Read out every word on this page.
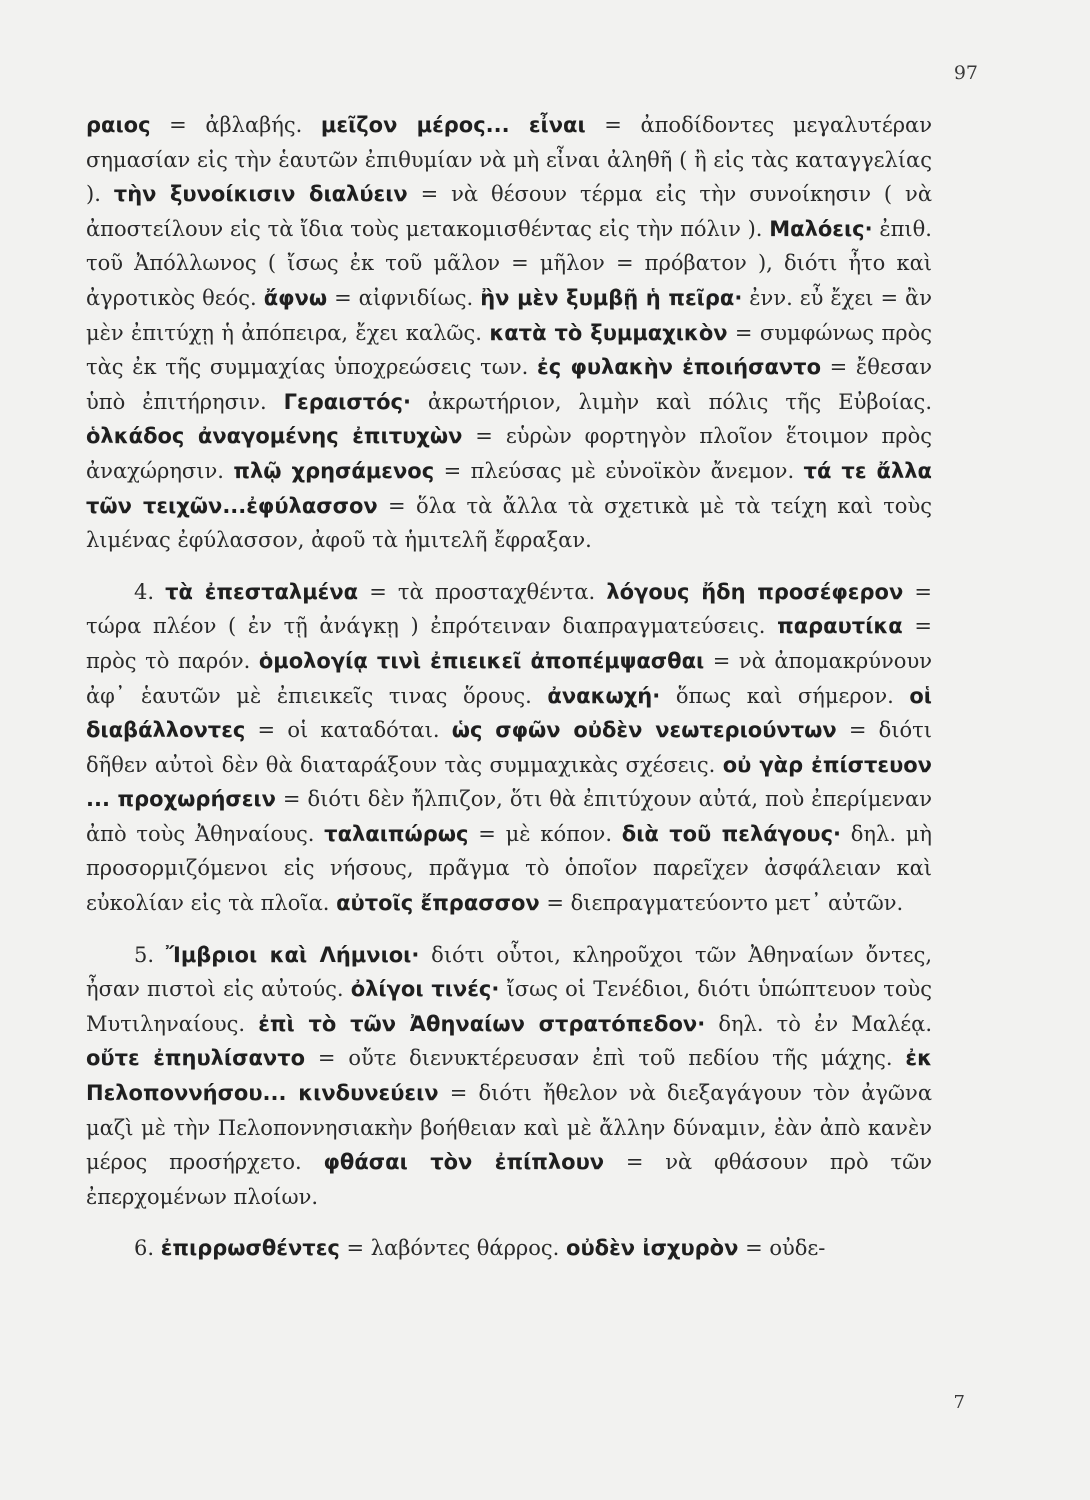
97

ραιος = ἀβλαβής. μεῖζον μέρος... εἶναι = ἀποδίδοντες μεγαλυτέραν σημασίαν εἰς τὴν ἑαυτῶν ἐπιθυμίαν νὰ μὴ εἶναι ἀληθῆ ( ἢ εἰς τὰς καταγγελίας ). τὴν ξυνοίκισιν διαλύειν = νὰ θέσουν τέρμα εἰς τὴν συνοίκησιν ( νὰ ἀποστείλουν εἰς τὰ ἴδια τοὺς μετακομισθέντας εἰς τὴν πόλιν ). Μαλόεις· ἐπιθ. τοῦ Ἀπόλλωνος ( ἴσως ἐκ τοῦ μᾶλον = μῆλον = πρόβατον ), διότι ἦτο καὶ ἀγροτικὸς θεός. ἄφνω = αἰφνιδίως. ἢν μὲν ξυμβῇ ἡ πεῖρα· ἐνν. εὖ ἔχει = ἂν μὲν ἐπιτύχῃ ἡ ἀπόπειρα, ἔχει καλῶς. κατὰ τὸ ξυμμαχικὸν = συμφώνως πρὸς τὰς ἐκ τῆς συμμαχίας ὑποχρεώσεις των. ἐς φυλακὴν ἐποιήσαντο = ἔθεσαν ὑπὸ ἐπιτήρησιν. Γεραιστός· ἀκρωτήριον, λιμὴν καὶ πόλις τῆς Εὐβοίας. ὁλκάδος ἀναγομένης ἐπιτυχὼν = εὑρὼν φορτηγὸν πλοῖον ἕτοιμον πρὸς ἀναχώρησιν. πλῷ χρησάμενος = πλεύσας μὲ εὐνοϊκὸν ἄνεμον. τά τε ἄλλα τῶν τειχῶν...ἐφύλασσον = ὅλα τὰ ἄλλα τὰ σχετικὰ μὲ τὰ τείχη καὶ τοὺς λιμένας ἐφύλασσον, ἀφοῦ τὰ ἡμιτελῆ ἔφραξαν.

4. τὰ ἐπεσταλμένα = τὰ προσταχθέντα. λόγους ἤδη προσέφερον = τώρα πλέον ( ἐν τῇ ἀνάγκῃ ) ἐπρότειναν διαπραγματεύσεις. παραυτίκα = πρὸς τὸ παρόν. ὁμολογίᾳ τινὶ ἐπιεικεῖ ἀποπέμψασθαι = νὰ ἀπομακρύνουν ἀφ᾽ ἑαυτῶν μὲ ἐπιεικεῖς τινας ὅρους. ἀνακωχή· ὅπως καὶ σήμερον. οἱ διαβάλλοντες = οἱ καταδόται. ὡς σφῶν οὐδὲν νεωτεριούντων = διότι δῆθεν αὐτοὶ δὲν θὰ διαταράξουν τὰς συμμαχικὰς σχέσεις. οὐ γὰρ ἐπίστευον ... προχωρήσειν = διότι δὲν ἤλπιζον, ὅτι θὰ ἐπιτύχουν αὐτά, ποὺ ἐπερίμεναν ἀπὸ τοὺς Ἀθηναίους. ταλαιπώρως = μὲ κόπον. διὰ τοῦ πελάγους· δηλ. μὴ προσορμιζόμενοι εἰς νήσους, πρᾶγμα τὸ ὁποῖον παρεῖχεν ἀσφάλειαν καὶ εὐκολίαν εἰς τὰ πλοῖα. αὐτοῖς ἔπρασσον = διεπραγματεύοντο μετ᾽ αὐτῶν.

5. Ἴμβριοι καὶ Λήμνιοι· διότι οὗτοι, κληροῦχοι τῶν Ἀθηναίων ὄντες, ἦσαν πιστοὶ εἰς αὐτούς. ὀλίγοι τινές· ἴσως οἱ Τενέδιοι, διότι ὑπώπτευον τοὺς Μυτιληναίους. ἐπὶ τὸ τῶν Ἀθηναίων στρατόπεδον· δηλ. τὸ ἐν Μαλέᾳ. οὔτε ἐπηυλίσαντο = οὔτε διενυκτέρευσαν ἐπὶ τοῦ πεδίου τῆς μάχης. ἐκ Πελοποννήσου... κινδυνεύειν = διότι ἤθελον νὰ διεξαγάγουν τὸν ἀγῶνα μαζὶ μὲ τὴν Πελοποννησιακὴν βοήθειαν καὶ μὲ ἄλλην δύναμιν, ἐὰν ἀπὸ κανὲν μέρος προσήρχετο. φθάσαι τὸν ἐπίπλουν = νὰ φθάσουν πρὸ τῶν ἐπερχομένων πλοίων.

6. ἐπιρρωσθέντες = λαβόντες θάρρος. οὐδὲν ἰσχυρὸν = οὐδε-

7
